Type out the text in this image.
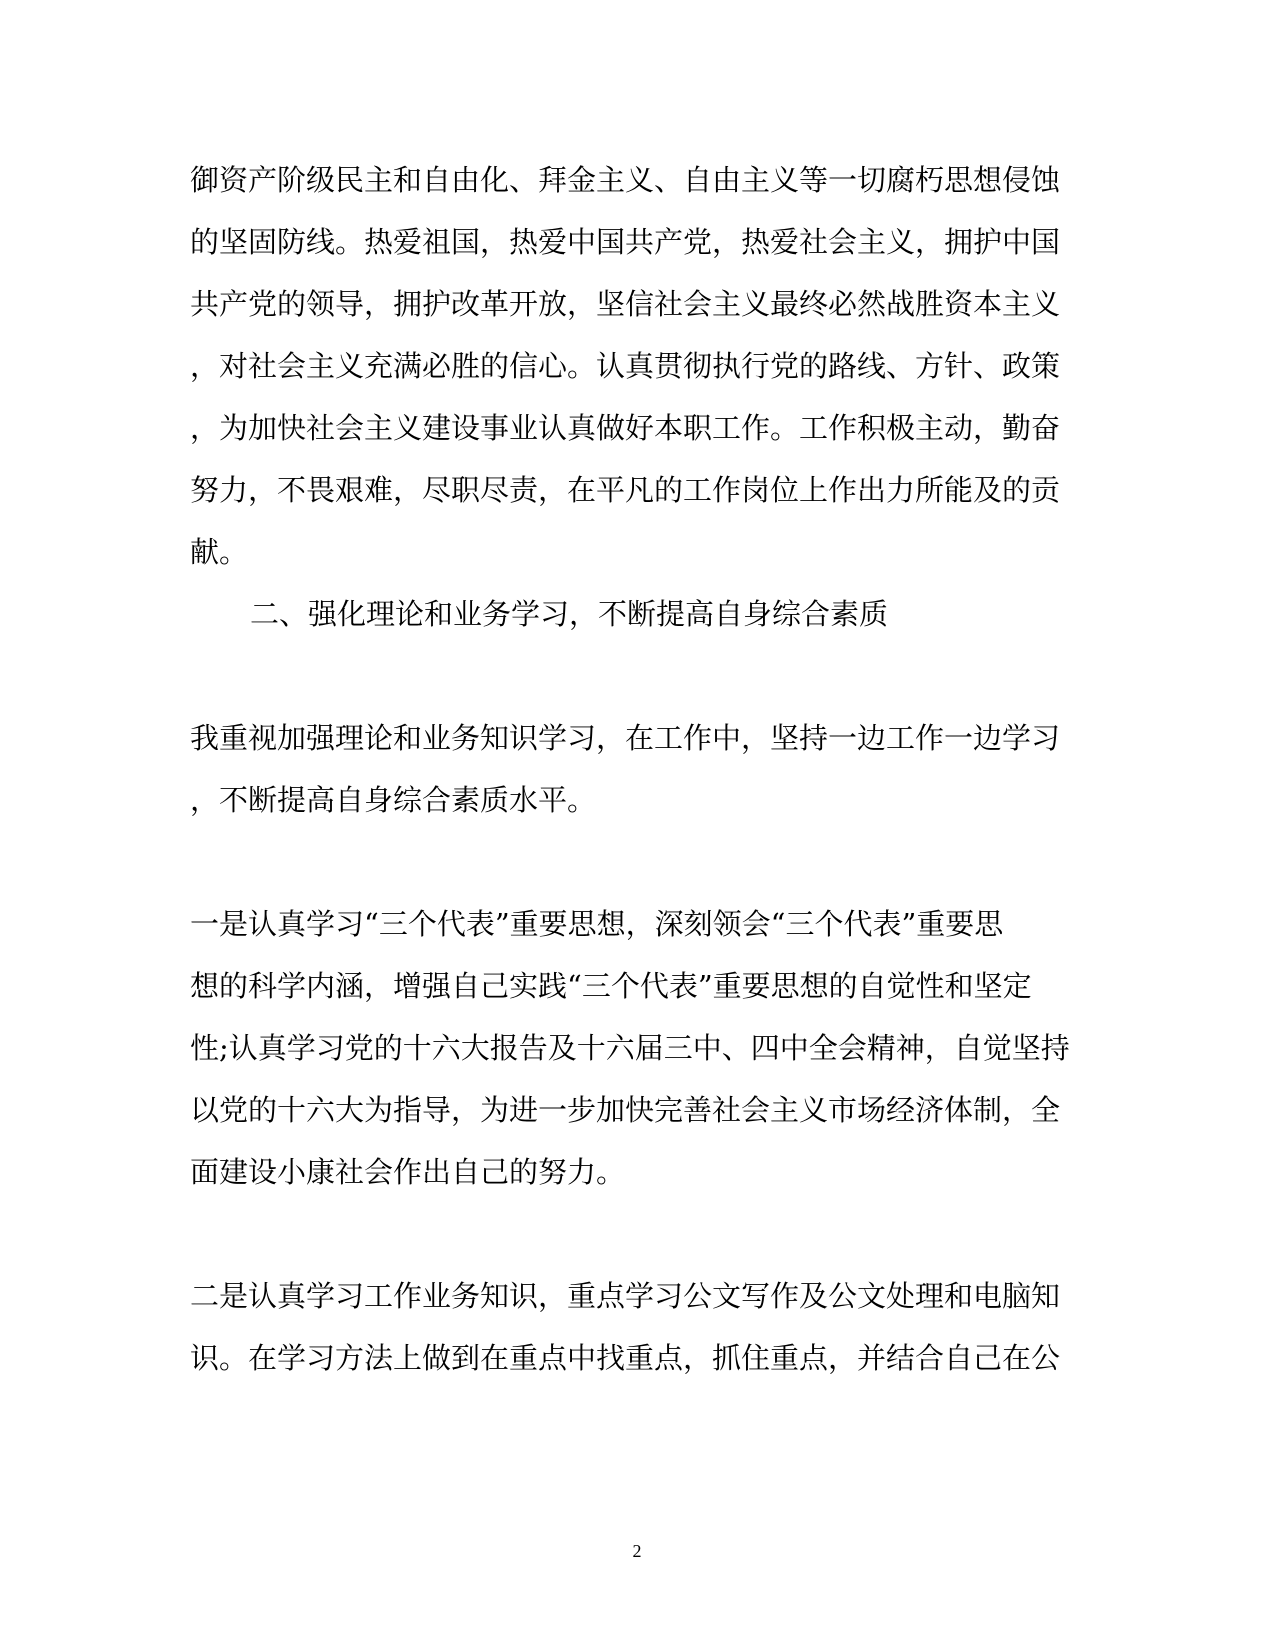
御资产阶级民主和自由化、拜金主义、自由主义等一切腐朽思想侵蚀
的坚固防线。热爱祖国，热爱中国共产党，热爱社会主义，拥护中国
共产党的领导，拥护改革开放，坚信社会主义最终必然战胜资本主义
，对社会主义充满必胜的信心。认真贯彻执行党的路线、方针、政策
，为加快社会主义建设事业认真做好本职工作。工作积极主动，勤奋
努力，不畏艰难，尽职尽责，在平凡的工作岗位上作出力所能及的贡
献。
二、强化理论和业务学习，不断提高自身综合素质
我重视加强理论和业务知识学习，在工作中，坚持一边工作一边学习
，不断提高自身综合素质水平。
一是认真学习“三个代表”重要思想，深刻领会“三个代表”重要思
想的科学内涵，增强自己实践“三个代表”重要思想的自觉性和坚定
性;认真学习党的十六大报告及十六届三中、四中全会精神，自觉坚持
以党的十六大为指导，为进一步加快完善社会主义市场经济体制，全
面建设小康社会作出自己的努力。
二是认真学习工作业务知识，重点学习公文写作及公文处理和电脑知
识。在学习方法上做到在重点中找重点，抓住重点，并结合自己在公
2
